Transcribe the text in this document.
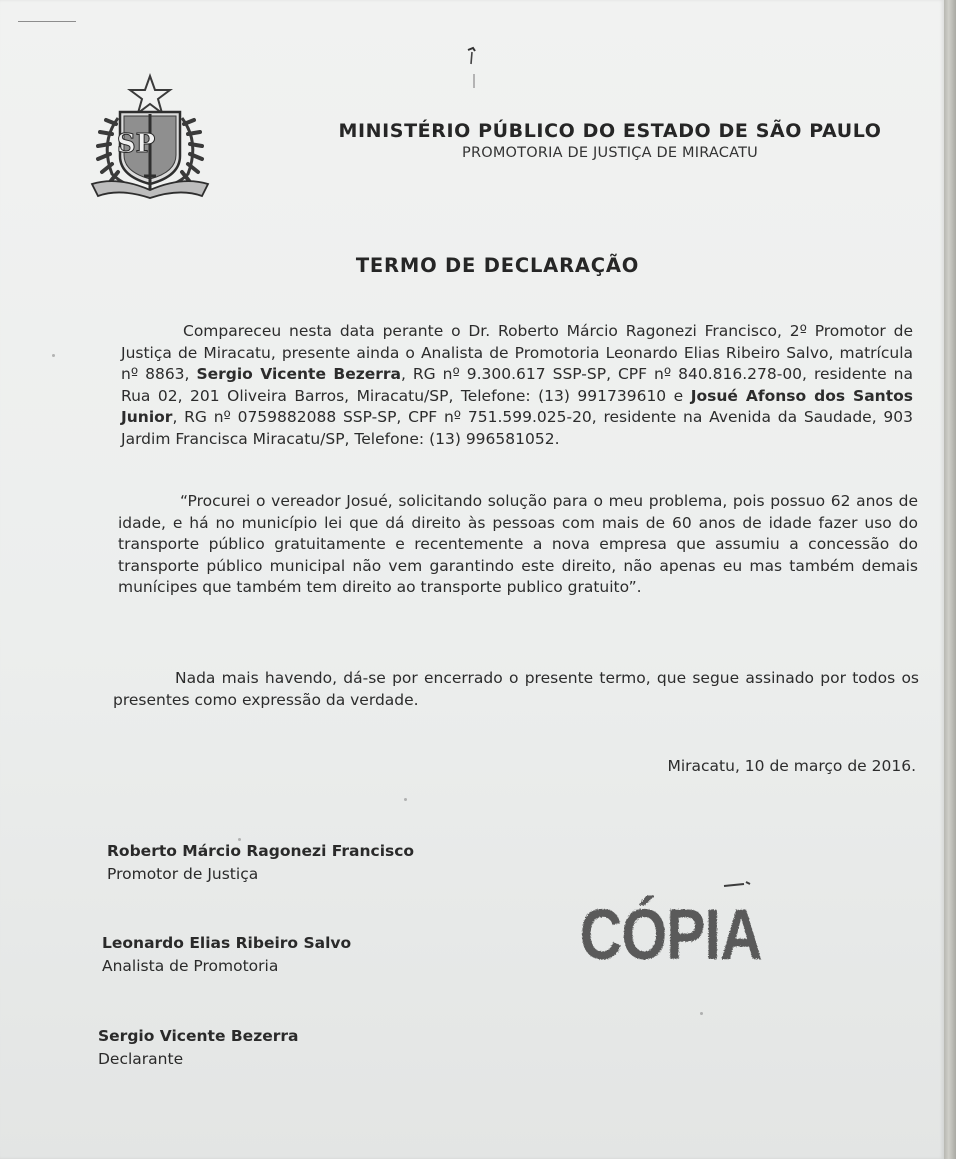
SP	MINISTÉRIO PÚBLICO DO ESTADO DE SÃO PAULO
PROMOTORIA DE JUSTIÇA DE MIRACATU
TERMO DE DECLARAÇÃO
Compareceu nesta data perante o Dr. Roberto Márcio Ragonezi Francisco, 2º Promotor de Justiça de Miracatu, presente ainda o Analista de Promotoria Leonardo Elias Ribeiro Salvo, matrícula nº 8863, Sergio Vicente Bezerra, RG nº 9.300.617 SSP-SP, CPF nº 840.816.278-00, residente na Rua 02, 201 Oliveira Barros, Miracatu/SP, Telefone: (13) 991739610 e Josué Afonso dos Santos Junior, RG nº 0759882088 SSP-SP, CPF nº 751.599.025-20, residente na Avenida da Saudade, 903 Jardim Francisca Miracatu/SP, Telefone: (13) 996581052.
“Procurei o vereador Josué, solicitando solução para o meu problema, pois possuo 62 anos de idade, e há no município lei que dá direito às pessoas com mais de 60 anos de idade fazer uso do transporte público gratuitamente e recentemente a nova empresa que assumiu a concessão do transporte público municipal não vem garantindo este direito, não apenas eu mas também demais munícipes que também tem direito ao transporte publico gratuito”.
Nada mais havendo, dá-se por encerrado o presente termo, que segue assinado por todos os presentes como expressão da verdade.
Miracatu, 10 de março de 2016.
Roberto Márcio Ragonezi Francisco
Promotor de Justiça
Leonardo Elias Ribeiro Salvo
Analista de Promotoria
Sergio Vicente Bezerra
Declarante
CÓPIA
